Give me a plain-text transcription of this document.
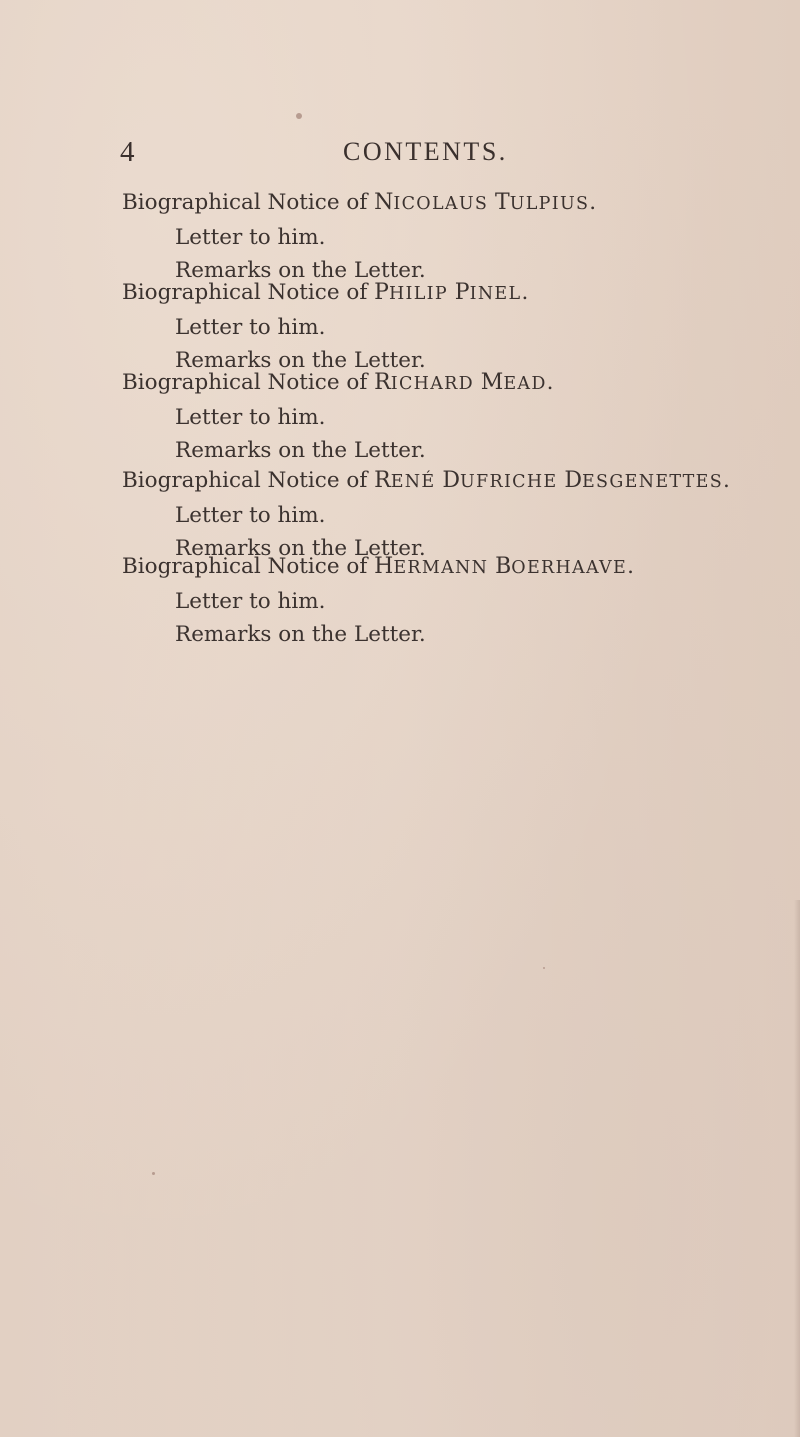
4	CONTENTS.
Biographical Notice of NICOLAUS TULPIUS.
Letter to him.
Remarks on the Letter.
Biographical Notice of PHILIP PINEL.
Letter to him.
Remarks on the Letter.
Biographical Notice of RICHARD MEAD.
Letter to him.
Remarks on the Letter.
Biographical Notice of RENÉ DUFRICHE DESGENETTES.
Letter to him.
Remarks on the Letter.
Biographical Notice of HERMANN BOERHAAVE.
Letter to him.
Remarks on the Letter.
